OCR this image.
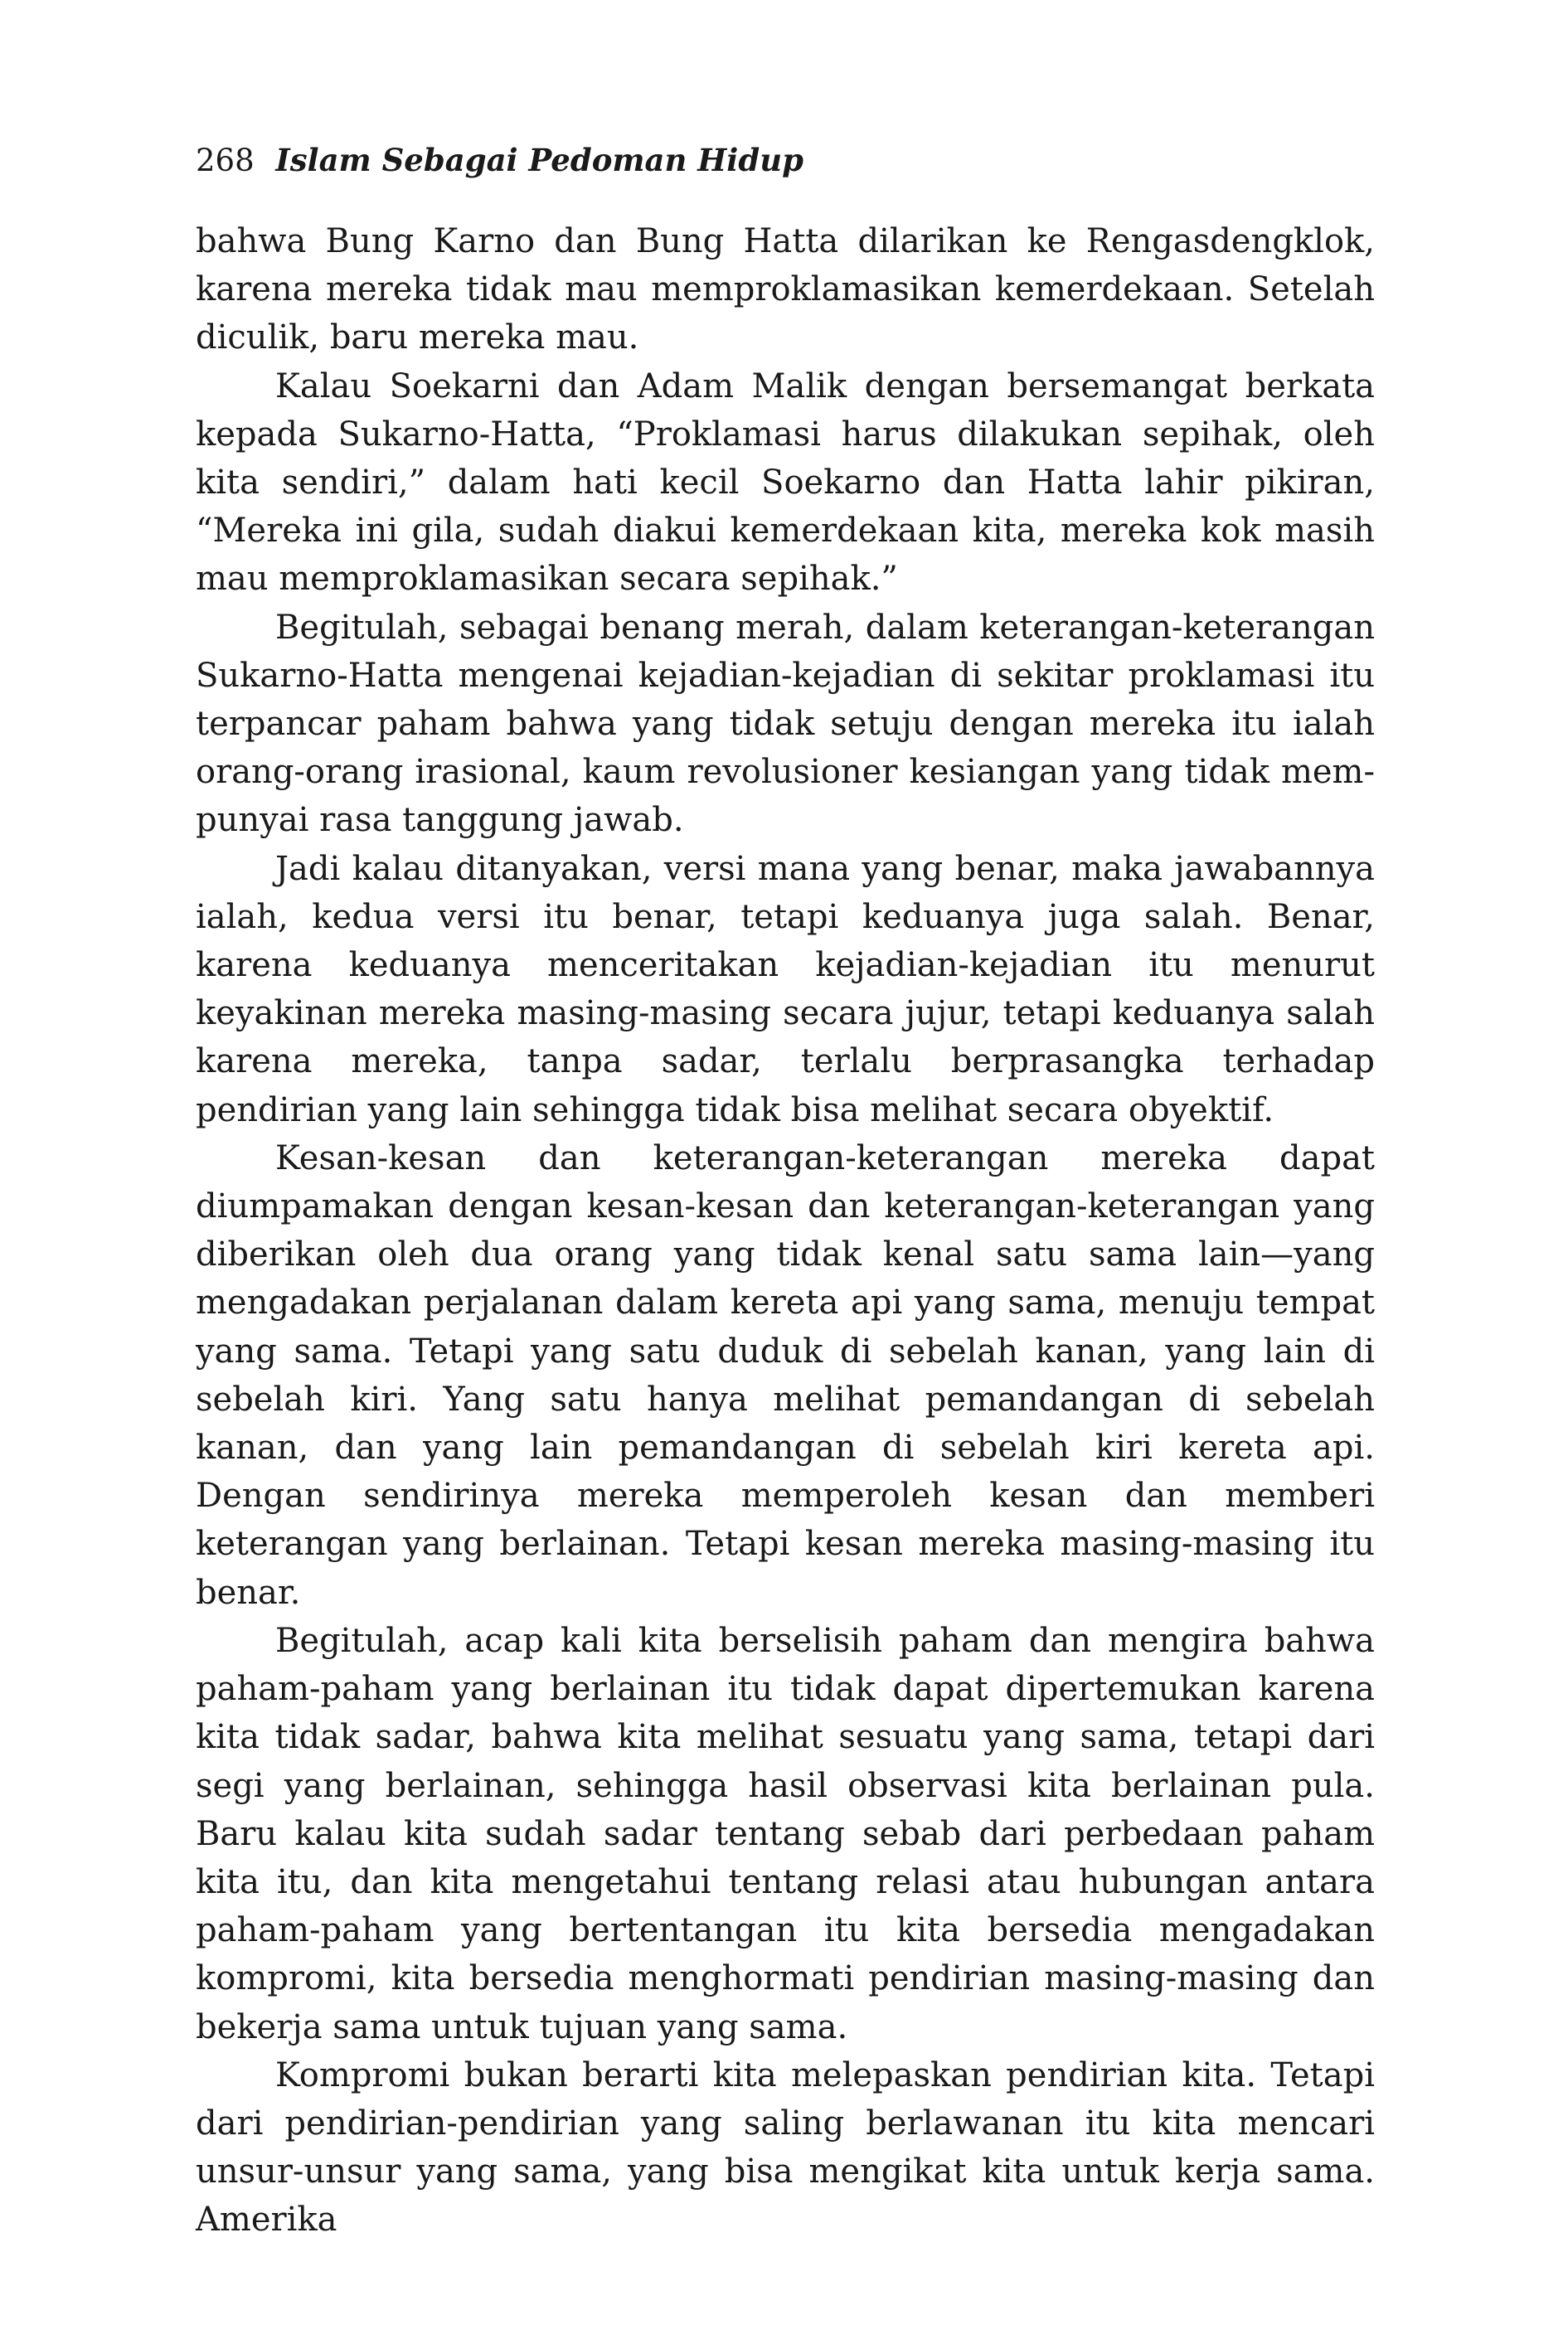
268 Islam Sebagai Pedoman Hidup

bahwa Bung Karno dan Bung Hatta dilarikan ke Rengasdengklok, karena mereka tidak mau memproklamasikan kemerdekaan. Setelah diculik, baru mereka mau.

Kalau Soekarni dan Adam Malik dengan bersemangat berkata kepada Sukarno-Hatta, “Proklamasi harus dilakukan sepihak, oleh kita sendiri,” dalam hati kecil Soekarno dan Hatta lahir pikiran, “Mereka ini gila, sudah diakui kemerdekaan kita, mereka kok masih mau memproklamasikan secara sepihak.”

Begitulah, sebagai benang merah, dalam keterangan-keterangan Sukarno-Hatta mengenai kejadian-kejadian di sekitar proklamasi itu terpancar paham bahwa yang tidak setuju dengan mereka itu ialah orang-orang irasional, kaum revolusioner kesiangan yang tidak mempunyai rasa tanggung jawab.

Jadi kalau ditanyakan, versi mana yang benar, maka jawabannya ialah, kedua versi itu benar, tetapi keduanya juga salah. Benar, karena keduanya menceritakan kejadian-kejadian itu menurut keyakinan mereka masing-masing secara jujur, tetapi keduanya salah karena mereka, tanpa sadar, terlalu berprasangka terhadap pendirian yang lain sehingga tidak bisa melihat secara obyektif.

Kesan-kesan dan keterangan-keterangan mereka dapat diumpamakan dengan kesan-kesan dan keterangan-keterangan yang diberikan oleh dua orang yang tidak kenal satu sama lain—yang mengadakan perjalanan dalam kereta api yang sama, menuju tempat yang sama. Tetapi yang satu duduk di sebelah kanan, yang lain di sebelah kiri. Yang satu hanya melihat pemandangan di sebelah kanan, dan yang lain pemandangan di sebelah kiri kereta api. Dengan sendirinya mereka memperoleh kesan dan memberi keterangan yang berlainan. Tetapi kesan mereka masing-masing itu benar.

Begitulah, acap kali kita berselisih paham dan mengira bahwa paham-paham yang berlainan itu tidak dapat dipertemukan karena kita tidak sadar, bahwa kita melihat sesuatu yang sama, tetapi dari segi yang berlainan, sehingga hasil observasi kita berlainan pula. Baru kalau kita sudah sadar tentang sebab dari perbedaan paham kita itu, dan kita mengetahui tentang relasi atau hubungan antara paham-paham yang bertentangan itu kita bersedia mengadakan kompromi, kita bersedia menghormati pendirian masing-masing dan bekerja sama untuk tujuan yang sama.

Kompromi bukan berarti kita melepaskan pendirian kita. Tetapi dari pendirian-pendirian yang saling berlawanan itu kita mencari unsur-unsur yang sama, yang bisa mengikat kita untuk kerja sama. Amerika
